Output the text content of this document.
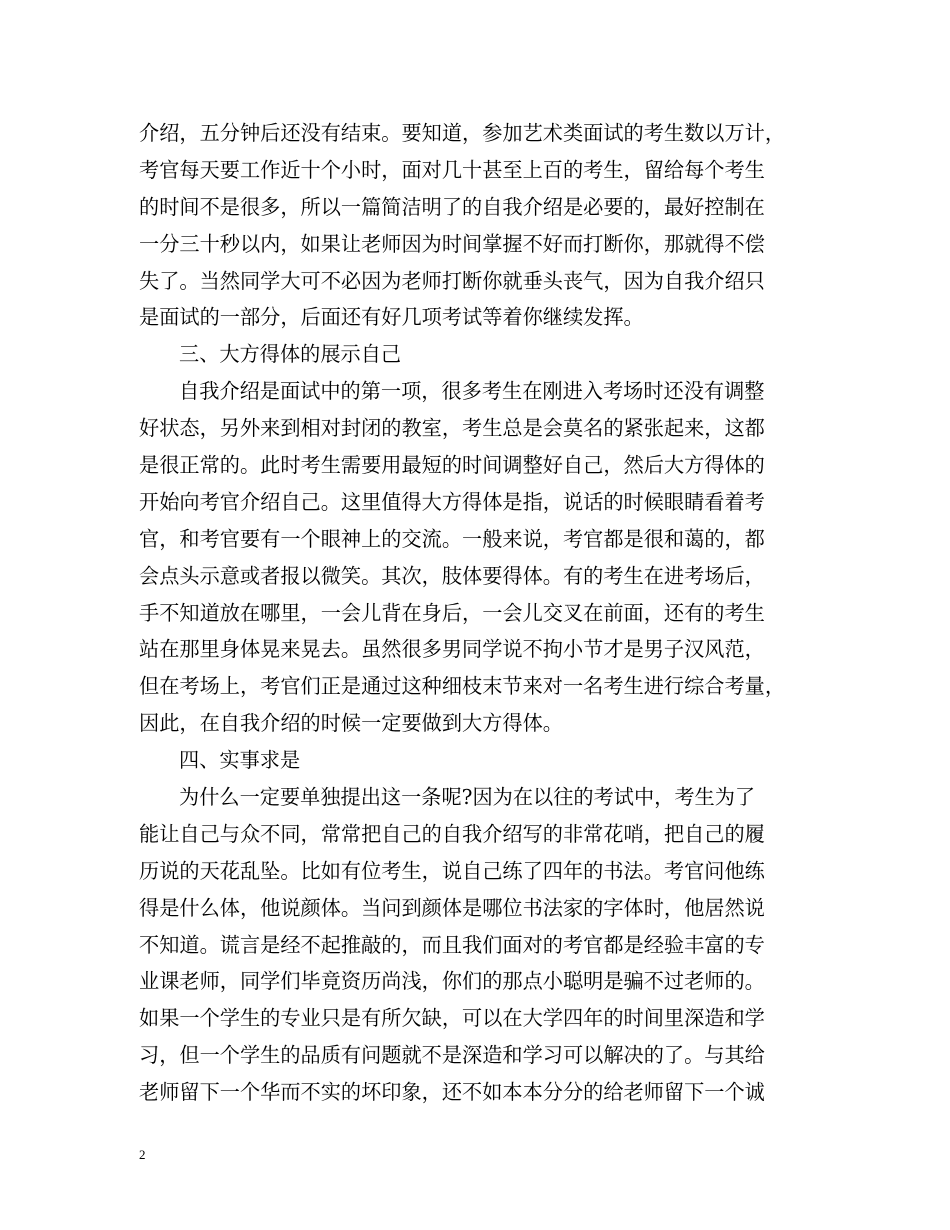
介绍，五分钟后还没有结束。要知道，参加艺术类面试的考生数以万计，
考官每天要工作近十个小时，面对几十甚至上百的考生，留给每个考生
的时间不是很多，所以一篇简洁明了的自我介绍是必要的，最好控制在
一分三十秒以内，如果让老师因为时间掌握不好而打断你，那就得不偿
失了。当然同学大可不必因为老师打断你就垂头丧气，因为自我介绍只
是面试的一部分，后面还有好几项考试等着你继续发挥。
三、大方得体的展示自己
自我介绍是面试中的第一项，很多考生在刚进入考场时还没有调整
好状态，另外来到相对封闭的教室，考生总是会莫名的紧张起来，这都
是很正常的。此时考生需要用最短的时间调整好自己，然后大方得体的
开始向考官介绍自己。这里值得大方得体是指，说话的时候眼睛看着考
官，和考官要有一个眼神上的交流。一般来说，考官都是很和蔼的，都
会点头示意或者报以微笑。其次，肢体要得体。有的考生在进考场后，
手不知道放在哪里，一会儿背在身后，一会儿交叉在前面，还有的考生
站在那里身体晃来晃去。虽然很多男同学说不拘小节才是男子汉风范，
但在考场上，考官们正是通过这种细枝末节来对一名考生进行综合考量，
因此，在自我介绍的时候一定要做到大方得体。
四、实事求是
为什么一定要单独提出这一条呢?因为在以往的考试中，考生为了
能让自己与众不同，常常把自己的自我介绍写的非常花哨，把自己的履
历说的天花乱坠。比如有位考生，说自己练了四年的书法。考官问他练
得是什么体，他说颜体。当问到颜体是哪位书法家的字体时，他居然说
不知道。谎言是经不起推敲的，而且我们面对的考官都是经验丰富的专
业课老师，同学们毕竟资历尚浅，你们的那点小聪明是骗不过老师的。
如果一个学生的专业只是有所欠缺，可以在大学四年的时间里深造和学
习，但一个学生的品质有问题就不是深造和学习可以解决的了。与其给
老师留下一个华而不实的坏印象，还不如本本分分的给老师留下一个诚
2
